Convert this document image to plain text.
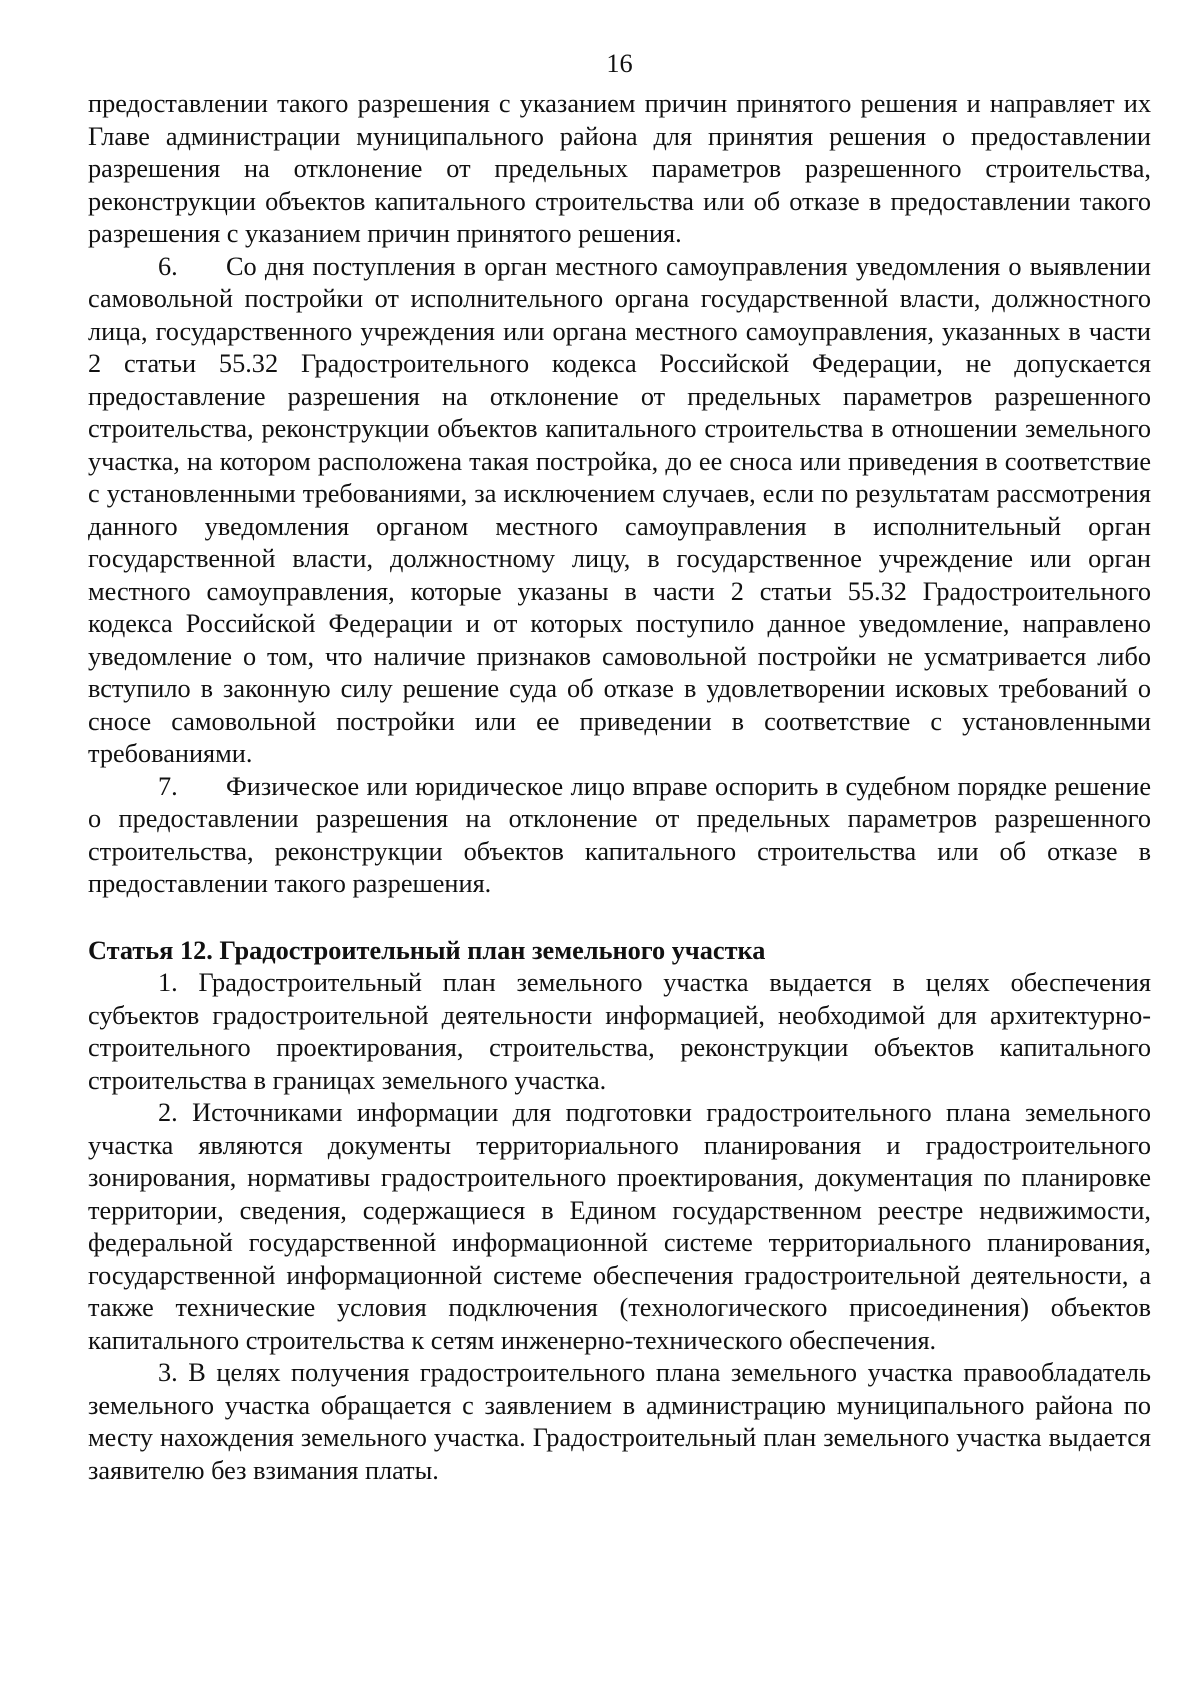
16

предоставлении такого разрешения с указанием причин принятого решения и направляет их Главе администрации муниципального района для принятия решения о предоставлении разрешения на отклонение от предельных параметров разрешенного строительства, реконструкции объектов капитального строительства или об отказе в предоставлении такого разрешения с указанием причин принятого решения.

6. Со дня поступления в орган местного самоуправления уведомления о выявлении самовольной постройки от исполнительного органа государственной власти, должностного лица, государственного учреждения или органа местного самоуправления, указанных в части 2 статьи 55.32 Градостроительного кодекса Российской Федерации, не допускается предоставление разрешения на отклонение от предельных параметров разрешенного строительства, реконструкции объектов капитального строительства в отношении земельного участка, на котором расположена такая постройка, до ее сноса или приведения в соответствие с установленными требованиями, за исключением случаев, если по результатам рассмотрения данного уведомления органом местного самоуправления в исполнительный орган государственной власти, должностному лицу, в государственное учреждение или орган местного самоуправления, которые указаны в части 2 статьи 55.32 Градостроительного кодекса Российской Федерации и от которых поступило данное уведомление, направлено уведомление о том, что наличие признаков самовольной постройки не усматривается либо вступило в законную силу решение суда об отказе в удовлетворении исковых требований о сносе самовольной постройки или ее приведении в соответствие с установленными требованиями.

7. Физическое или юридическое лицо вправе оспорить в судебном порядке решение о предоставлении разрешения на отклонение от предельных параметров разрешенного строительства, реконструкции объектов капитального строительства или об отказе в предоставлении такого разрешения.

Статья 12. Градостроительный план земельного участка

1. Градостроительный план земельного участка выдается в целях обеспечения субъектов градостроительной деятельности информацией, необходимой для архитектурно-строительного проектирования, строительства, реконструкции объектов капитального строительства в границах земельного участка.

2. Источниками информации для подготовки градостроительного плана земельного участка являются документы территориального планирования и градостроительного зонирования, нормативы градостроительного проектирования, документация по планировке территории, сведения, содержащиеся в Едином государственном реестре недвижимости, федеральной государственной информационной системе территориального планирования, государственной информационной системе обеспечения градостроительной деятельности, а также технические условия подключения (технологического присоединения) объектов капитального строительства к сетям инженерно-технического обеспечения.

3. В целях получения градостроительного плана земельного участка правообладатель земельного участка обращается с заявлением в администрацию муниципального района по месту нахождения земельного участка. Градостроительный план земельного участка выдается заявителю без взимания платы.
